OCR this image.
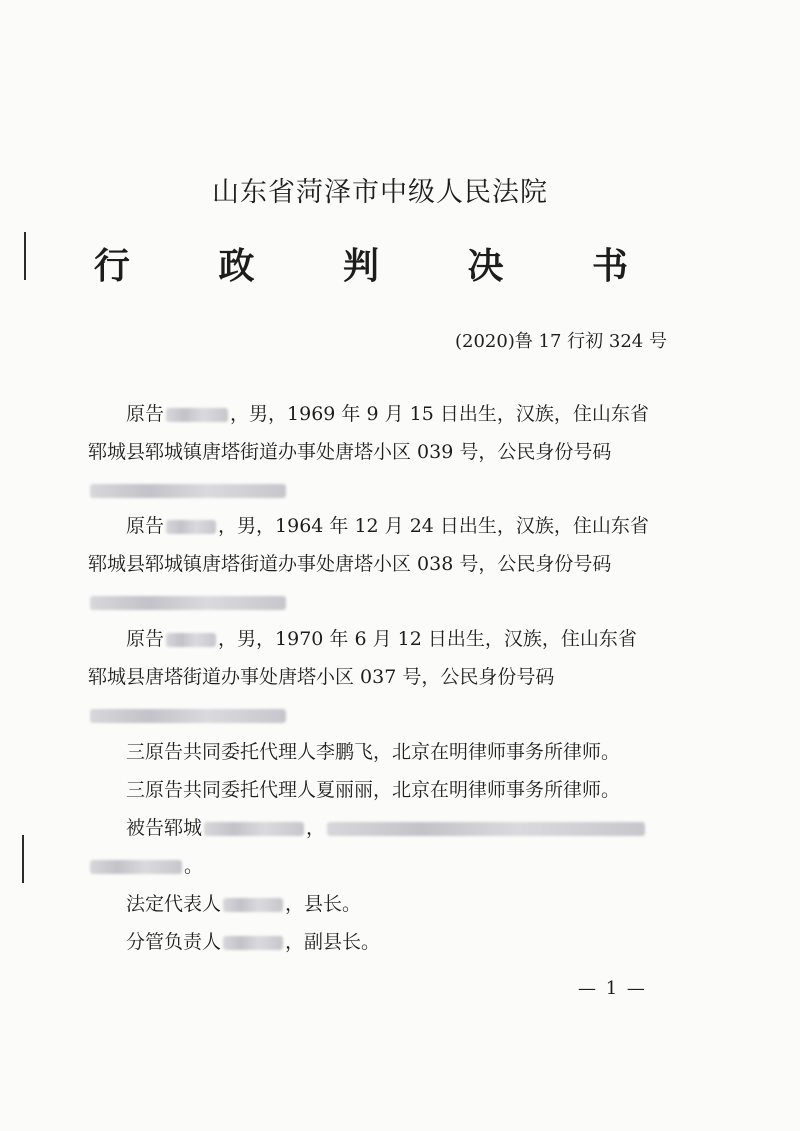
山东省菏泽市中级人民法院
行 政 判 决 书
(2020)鲁 17 行初 324 号
原告	，男，1969 年 9 月 15 日出生，汉族，住山东省
郓城县郓城镇唐塔街道办事处唐塔小区 039 号，公民身份号码
原告	，男，1964 年 12 月 24 日出生，汉族，住山东省
郓城县郓城镇唐塔街道办事处唐塔小区 038 号，公民身份号码
原告	，男，1970 年 6 月 12 日出生，汉族，住山东省
郓城县唐塔街道办事处唐塔小区 037 号，公民身份号码
三原告共同委托代理人李鹏飞，北京在明律师事务所律师。
三原告共同委托代理人夏丽丽，北京在明律师事务所律师。
被告郓城	，
。
法定代表人	，县长。
分管负责人	，副县长。
— 1 —
